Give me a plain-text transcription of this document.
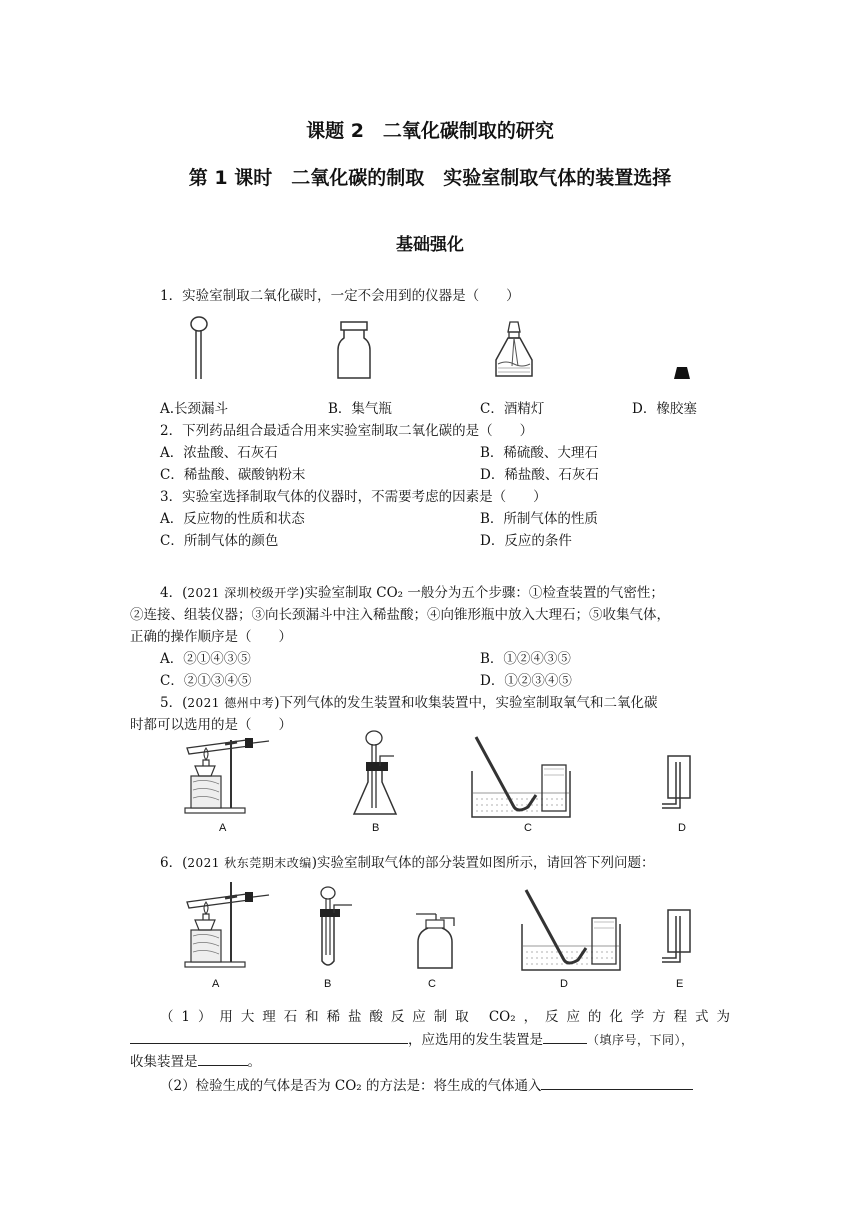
课题 2　二氧化碳制取的研究
第 1 课时　二氧化碳的制取　实验室制取气体的装置选择
基础强化
1．实验室制取二氧化碳时，一定不会用到的仪器是（　　）
A.长颈漏斗	B．集气瓶	C．酒精灯	D．橡胶塞
2．下列药品组合最适合用来实验室制取二氧化碳的是（　　）
A．浓盐酸、石灰石	B．稀硫酸、大理石
C．稀盐酸、碳酸钠粉末	D．稀盐酸、石灰石
3．实验室选择制取气体的仪器时，不需要考虑的因素是（　　）
A．反应物的性质和状态	B．所制气体的性质
C．所制气体的颜色	D．反应的条件
4．(2021 深圳校级开学)实验室制取 CO₂ 一般分为五个步骤：①检查装置的气密性；
②连接、组装仪器；③向长颈漏斗中注入稀盐酸；④向锥形瓶中放入大理石；⑤收集气体，
正确的操作顺序是（　　）
A．②①④③⑤	B．①②④③⑤
C．②①③④⑤	D．①②③④⑤
5．(2021 德州中考)下列气体的发生装置和收集装置中，实验室制取氧气和二氧化碳
时都可以选用的是（　　）
A	B	C	D
6．(2021 秋东莞期末改编)实验室制取气体的部分装置如图所示，请回答下列问题：
A	B	C	D	E
（1）用大理石和稀盐酸反应制取 CO₂，反应的化学方程式为
，应选用的发生装置是	（填序号，下同），
收集装置是	。
（2）检验生成的气体是否为 CO₂ 的方法是：将生成的气体通入
